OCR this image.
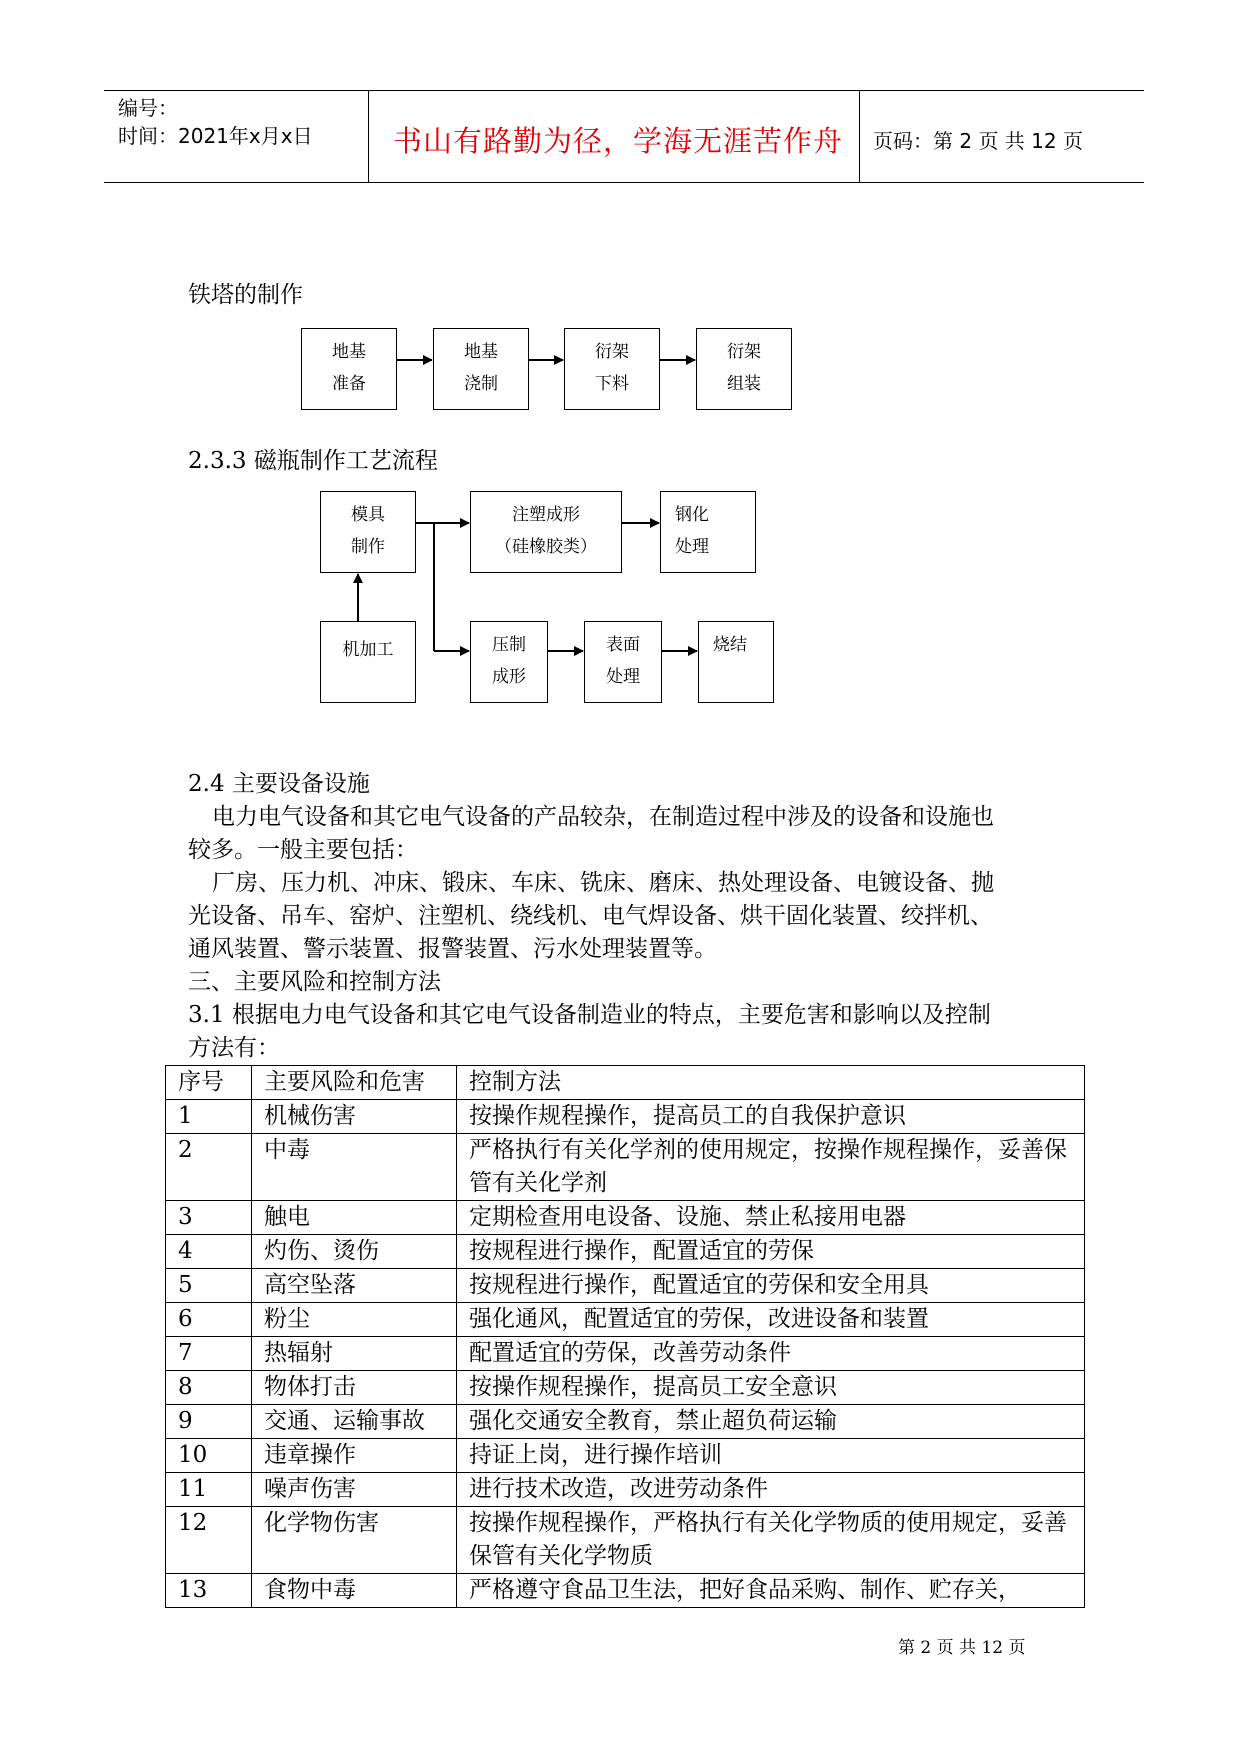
编号：
时间：2021年x月x日	书山有路勤为径，学海无涯苦作舟 页码：第 2 页 共 12 页
铁塔的制作
地基
准备
地基
浇制
衍架
下料
衍架
组装
2.3.3 磁瓶制作工艺流程
模具
制作
机加工
注塑成形
（硅橡胶类）
钢化
处理
压制
成形
表面
处理
烧结
2.4 主要设备设施
电力电气设备和其它电气设备的产品较杂，在制造过程中涉及的设备和设施也
较多。一般主要包括：
厂房、压力机、冲床、锻床、车床、铣床、磨床、热处理设备、电镀设备、抛
光设备、吊车、窑炉、注塑机、绕线机、电气焊设备、烘干固化装置、绞拌机、
通风装置、警示装置、报警装置、污水处理装置等。
三、主要风险和控制方法
3.1 根据电力电气设备和其它电气设备制造业的特点，主要危害和影响以及控制
方法有：
序号	主要风险和危害	控制方法
1	机械伤害	按操作规程操作，提高员工的自我保护意识
2	中毒	严格执行有关化学剂的使用规定，按操作规程操作，妥善保管有关化学剂
3	触电	定期检查用电设备、设施、禁止私接用电器
4	灼伤、烫伤	按规程进行操作，配置适宜的劳保
5	高空坠落	按规程进行操作，配置适宜的劳保和安全用具
6	粉尘	强化通风，配置适宜的劳保，改进设备和装置
7	热辐射	配置适宜的劳保，改善劳动条件
8	物体打击	按操作规程操作，提高员工安全意识
9	交通、运输事故	强化交通安全教育，禁止超负荷运输
10	违章操作	持证上岗，进行操作培训
11	噪声伤害	进行技术改造，改进劳动条件
12	化学物伤害	按操作规程操作，严格执行有关化学物质的使用规定，妥善保管有关化学物质
13	食物中毒	严格遵守食品卫生法，把好食品采购、制作、贮存关，
第 2 页 共 12 页
